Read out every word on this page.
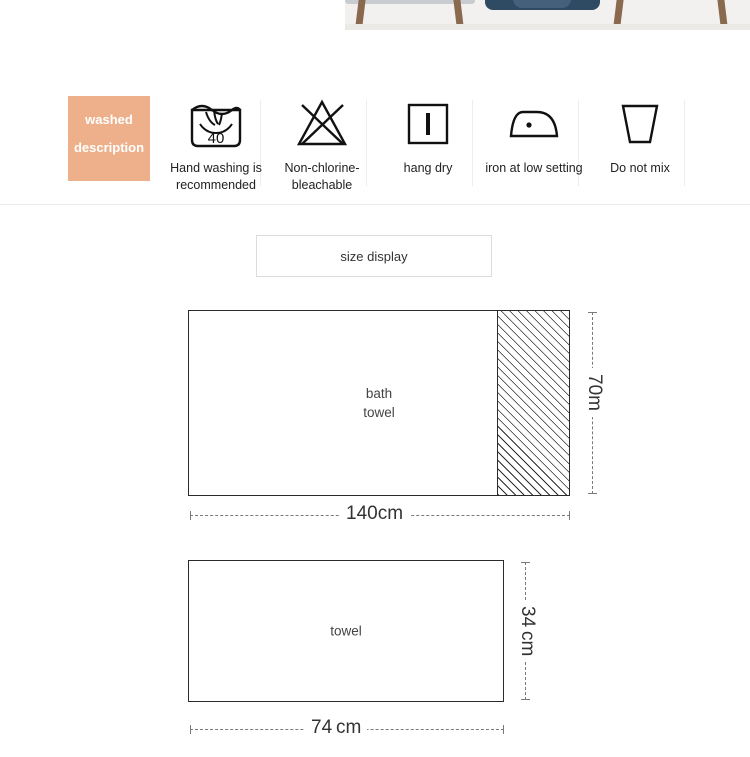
washed
description
40
Hand washing is recommended
Non-chlorine-bleachable
hang dry	iron at low setting	Do not mix
size display
bath towel
140cm
70m
towel
74 cm
34 cm
